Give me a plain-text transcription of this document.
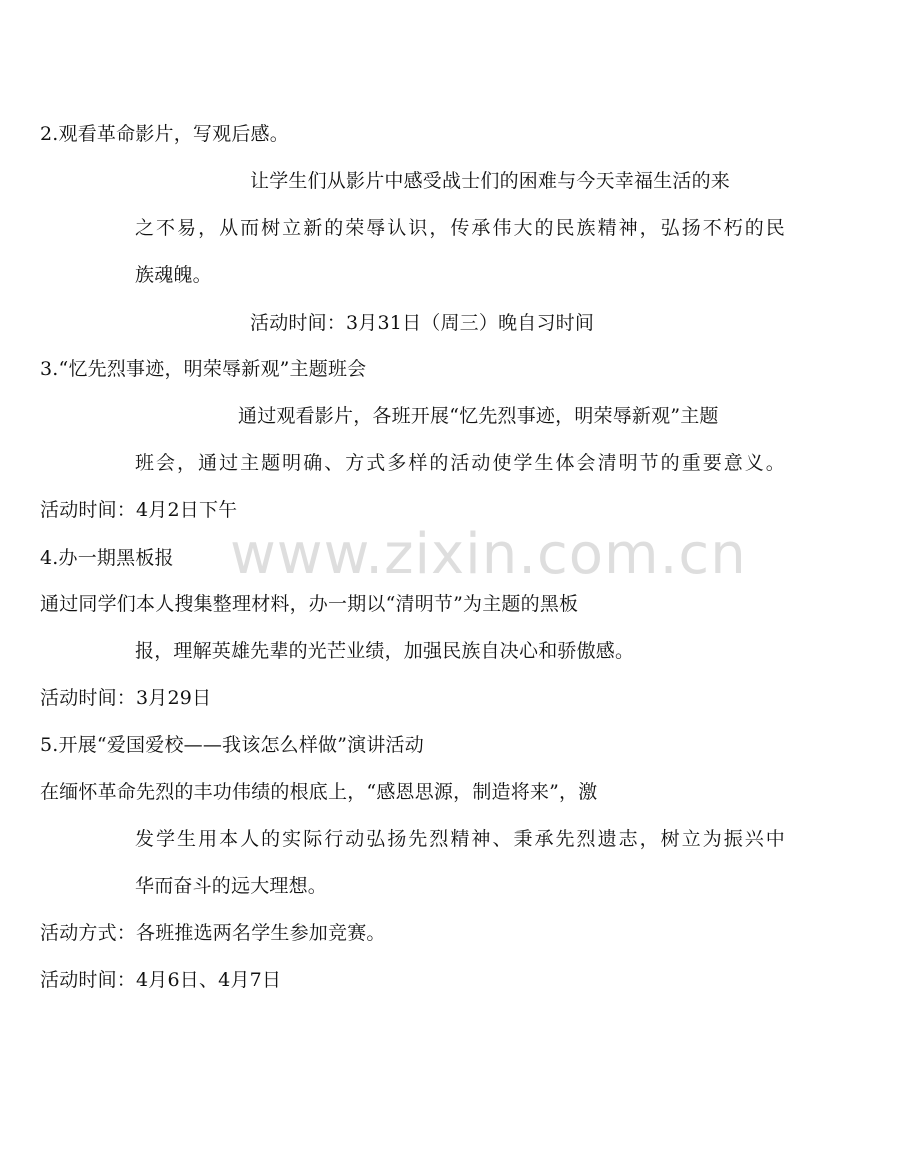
www.zixin.com.cn
2.观看革命影片，写观后感。
让学生们从影片中感受战士们的困难与今天幸福生活的来
之不易，从而树立新的荣辱认识，传承伟大的民族精神，弘扬不朽的民
族魂魄。
活动时间：3月31日（周三）晚自习时间
3.“忆先烈事迹，明荣辱新观”主题班会
通过观看影片，各班开展“忆先烈事迹，明荣辱新观”主题
班会，通过主题明确、方式多样的活动使学生体会清明节的重要意义。
活动时间：4月2日下午
4.办一期黑板报
通过同学们本人搜集整理材料，办一期以“清明节”为主题的黑板
报，理解英雄先辈的光芒业绩，加强民族自决心和骄傲感。
活动时间：3月29日
5.开展“爱国爱校——我该怎么样做”演讲活动
在缅怀革命先烈的丰功伟绩的根底上，“感恩思源，制造将来”，激
发学生用本人的实际行动弘扬先烈精神、秉承先烈遗志，树立为振兴中
华而奋斗的远大理想。
活动方式：各班推选两名学生参加竞赛。
活动时间：4月6日、4月7日
